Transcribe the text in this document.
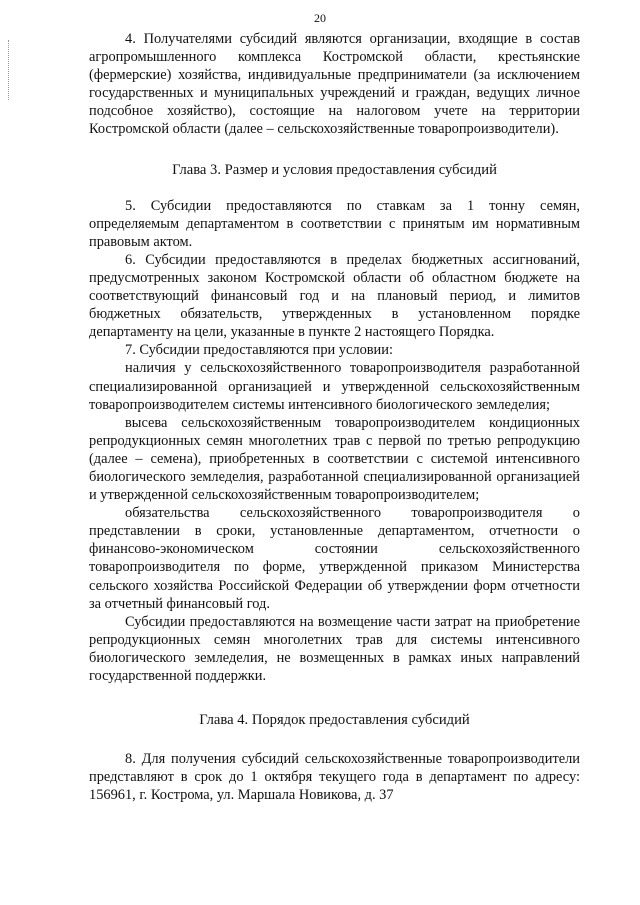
20

4. Получателями субсидий являются организации, входящие в состав агропромышленного комплекса Костромской области, крестьянские (фермерские) хозяйства, индивидуальные предприниматели (за исключением государственных и муниципальных учреждений и граждан, ведущих личное подсобное хозяйство), состоящие на налоговом учете на территории Костромской области (далее – сельскохозяйственные товаропроизводители).

Глава 3. Размер и условия предоставления субсидий

5. Субсидии предоставляются по ставкам за 1 тонну семян, определяемым департаментом в соответствии с принятым им нормативным правовым актом.

6. Субсидии предоставляются в пределах бюджетных ассигнований, предусмотренных законом Костромской области об областном бюджете на соответствующий финансовый год и на плановый период, и лимитов бюджетных обязательств, утвержденных в установленном порядке департаменту на цели, указанные в пункте 2 настоящего Порядка.

7. Субсидии предоставляются при условии:

наличия у сельскохозяйственного товаропроизводителя разработанной специализированной организацией и утвержденной сельскохозяйственным товаропроизводителем системы интенсивного биологического земледелия;

высева сельскохозяйственным товаропроизводителем кондиционных репродукционных семян многолетних трав с первой по третью репродукцию (далее – семена), приобретенных в соответствии с системой интенсивного биологического земледелия, разработанной специализированной организацией и утвержденной сельскохозяйственным товаропроизводителем;

обязательства сельскохозяйственного товаропроизводителя о представлении в сроки, установленные департаментом, отчетности о финансово-экономическом состоянии сельскохозяйственного товаропроизводителя по форме, утвержденной приказом Министерства сельского хозяйства Российской Федерации об утверждении форм отчетности за отчетный финансовый год.

Субсидии предоставляются на возмещение части затрат на приобретение репродукционных семян многолетних трав для системы интенсивного биологического земледелия, не возмещенных в рамках иных направлений государственной поддержки.

Глава 4. Порядок предоставления субсидий

8. Для получения субсидий сельскохозяйственные товаропроизводители представляют в срок до 1 октября текущего года в департамент по адресу: 156961, г. Кострома, ул. Маршала Новикова, д. 37
